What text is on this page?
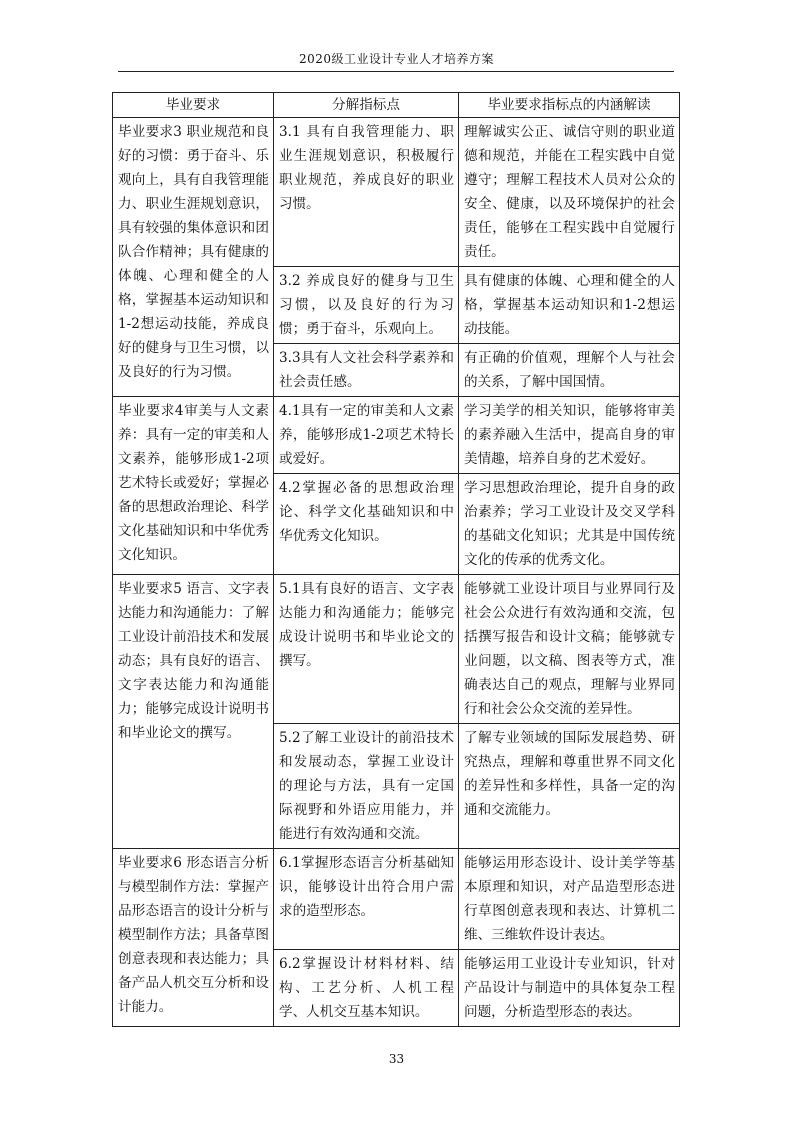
2020级工业设计专业人才培养方案
毕业要求	分解指标点	毕业要求指标点的内涵解读
毕业要求3 职业规范和良好的习惯：勇于奋斗、乐观向上，具有自我管理能力、职业生涯规划意识，具有较强的集体意识和团队合作精神；具有健康的体魄、心理和健全的人格，掌握基本运动知识和1-2想运动技能，养成良好的健身与卫生习惯，以及良好的行为习惯。	3.1 具有自我管理能力、职业生涯规划意识，积极履行职业规范，养成良好的职业习惯。	理解诚实公正、诚信守则的职业道德和规范，并能在工程实践中自觉遵守；理解工程技术人员对公众的安全、健康，以及环境保护的社会责任，能够在工程实践中自觉履行责任。
	3.2 养成良好的健身与卫生习惯，以及良好的行为习惯；勇于奋斗，乐观向上。	具有健康的体魄、心理和健全的人格，掌握基本运动知识和1-2想运动技能。
	3.3具有人文社会科学素养和社会责任感。	有正确的价值观，理解个人与社会的关系，了解中国国情。
毕业要求4审美与人文素养：具有一定的审美和人文素养，能够形成1-2项艺术特长或爱好；掌握必备的思想政治理论、科学文化基础知识和中华优秀文化知识。	4.1具有一定的审美和人文素养，能够形成1-2项艺术特长或爱好。	学习美学的相关知识，能够将审美的素养融入生活中，提高自身的审美情趣，培养自身的艺术爱好。
	4.2掌握必备的思想政治理论、科学文化基础知识和中华优秀文化知识。	学习思想政治理论，提升自身的政治素养；学习工业设计及交叉学科的基础文化知识；尤其是中国传统文化的传承的优秀文化。
毕业要求5 语言、文字表达能力和沟通能力：了解工业设计前沿技术和发展动态；具有良好的语言、文字表达能力和沟通能力；能够完成设计说明书和毕业论文的撰写。	5.1具有良好的语言、文字表达能力和沟通能力；能够完成设计说明书和毕业论文的撰写。	能够就工业设计项目与业界同行及社会公众进行有效沟通和交流，包括撰写报告和设计文稿；能够就专业问题，以文稿、图表等方式，准确表达自己的观点，理解与业界同行和社会公众交流的差异性。
	5.2了解工业设计的前沿技术和发展动态，掌握工业设计的理论与方法，具有一定国际视野和外语应用能力，并能进行有效沟通和交流。	了解专业领域的国际发展趋势、研究热点，理解和尊重世界不同文化的差异性和多样性，具备一定的沟通和交流能力。
毕业要求6 形态语言分析与模型制作方法：掌握产品形态语言的设计分析与模型制作方法；具备草图创意表现和表达能力；具备产品人机交互分析和设计能力。	6.1掌握形态语言分析基础知识，能够设计出符合用户需求的造型形态。	能够运用形态设计、设计美学等基本原理和知识，对产品造型形态进行草图创意表现和表达、计算机二维、三维软件设计表达。
	6.2掌握设计材料材料、结构、工艺分析、人机工程学、人机交互基本知识。	能够运用工业设计专业知识，针对产品设计与制造中的具体复杂工程问题，分析造型形态的表达。
33
